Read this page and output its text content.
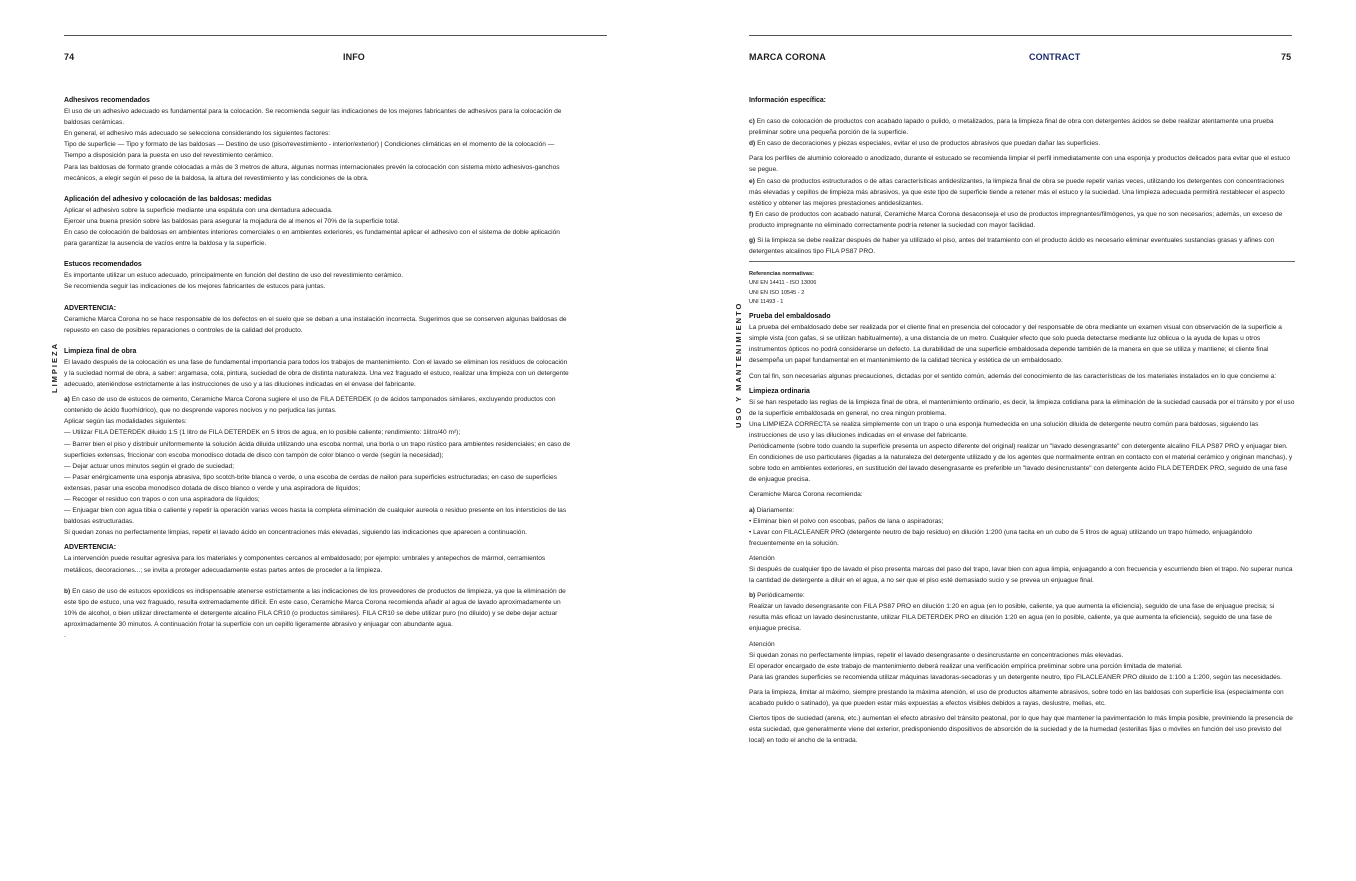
74	INFO
LIMPIEZA
Adhesivos recomendados

El uso de un adhesivo adecuado es fundamental para la colocación. Se recomienda seguir las indicaciones de los mejores fabricantes de adhesivos para la colocación de baldosas cerámicas.

En general, el adhesivo más adecuado se selecciona considerando los siguientes factores:

Tipo de superficie — Tipo y formato de las baldosas — Destino de uso (piso/revestimiento - interior/exterior) | Condiciones climáticas en el momento de la colocación — Tiempo a disposición para la puesta en uso del revestimiento cerámico.

Para las baldosas de formato grande colocadas a más de 3 metros de altura, algunas normas internacionales prevén la colocación con sistema mixto adhesivos-ganchos mecánicos, a elegir según el peso de la baldosa, la altura del revestimiento y las condiciones de la obra.

Aplicación del adhesivo y colocación de las baldosas: medidas

Aplicar el adhesivo sobre la superficie mediante una espátula con una dentadura adecuada.

Ejercer una buena presión sobre las baldosas para asegurar la mojadura de al menos el 70% de la superficie total.

En caso de colocación de baldosas en ambientes interiores comerciales o en ambientes exteriores, es fundamental aplicar el adhesivo con el sistema de doble aplicación para garantizar la ausencia de vacíos entre la baldosa y la superficie.

Estucos recomendados

Es importante utilizar un estuco adecuado, principalmente en función del destino de uso del revestimiento cerámico.

Se recomienda seguir las indicaciones de los mejores fabricantes de estucos para juntas.

ADVERTENCIA:

Ceramiche Marca Corona no se hace responsable de los defectos en el suelo que se deban a una instalación incorrecta. Sugerimos que se conserven algunas baldosas de repuesto en caso de posibles reparaciones o controles de la calidad del producto.

Limpieza final de obra

El lavado después de la colocación es una fase de fundamental importancia para todos los trabajos de mantenimiento. Con el lavado se eliminan los residuos de colocación y la suciedad normal de obra, a saber: argamasa, cola, pintura, suciedad de obra de distinta naturaleza. Una vez fraguado el estuco, realizar una limpieza con un detergente adecuado, ateniéndose estrictamente a las instrucciones de uso y a las diluciones indicadas en el envase del fabricante.

a) En caso de uso de estucos de cemento, Ceramiche Marca Corona sugiere el uso de FILA DETERDEK (o de ácidos tamponados similares, excluyendo productos con contenido de ácido fluorhídrico), que no desprende vapores nocivos y no perjudica las juntas.

Aplicar según las modalidades siguientes:

— Utilizar FILA DETERDEK diluido 1:5 (1 litro de FILA DETERDEK en 5 litros de agua, en lo posible caliente; rendimiento: 1litro/40 m²);

— Barrer bien el piso y distribuir uniformemente la solución ácida diluida utilizando una escoba normal, una borla o un trapo rústico para ambientes residenciales; en caso de superficies extensas, friccionar con escoba monodisco dotada de disco con tampón de color blanco o verde (según la necesidad);

— Dejar actuar unos minutos según el grado de suciedad;

— Pasar enérgicamente una esponja abrasiva, tipo scotch-brite blanca o verde, o una escoba de cerdas de nailon para superficies estructuradas; en caso de superficies extensas, pasar una escoba monodisco dotada de disco blanco o verde y una aspiradora de líquidos;

— Recoger el residuo con trapos o con una aspiradora de líquidos;

— Enjuagar bien con agua tibia o caliente y repetir la operación varias veces hasta la completa eliminación de cualquier aureola o residuo presente en los intersticios de las baldosas estructuradas.

Si quedan zonas no perfectamente limpias, repetir el lavado ácido en concentraciones más elevadas, siguiendo las indicaciones que aparecen a continuación.

ADVERTENCIA:

La intervención puede resultar agresiva para los materiales y componentes cercanos al embaldosado; por ejemplo: umbrales y antepechos de mármol, cerramientos metálicos, decoraciones...; se invita a proteger adecuadamente estas partes antes de proceder a la limpieza.

b) En caso de uso de estucos epoxídicos es indispensable atenerse estrictamente a las indicaciones de los proveedores de productos de limpieza, ya que la eliminación de este tipo de estuco, una vez fraguado, resulta extremadamente difícil. En este caso, Ceramiche Marca Corona recomienda añadir al agua de lavado aproximadamente un 10% de alcohol, o bien utilizar directamente el detergente alcalino FILA CR10 (o productos similares). FILA CR10 se debe utilizar puro (no diluido) y se debe dejar actuar aproximadamente 30 minutos. A continuación frotar la superficie con un cepillo ligeramente abrasivo y enjuagar con abundante agua.

.

MARCA CORONA	CONTRACT	75
USO Y MANTENIMIENTO
Información específica:

c) En caso de colocación de productos con acabado lapado o pulido, o metalizados, para la limpieza final de obra con detergentes ácidos se debe realizar atentamente una prueba preliminar sobre una pequeña porción de la superficie.

d) En caso de decoraciones y piezas especiales, evitar el uso de productos abrasivos que puedan dañar las superficies.

Para los perfiles de aluminio coloreado o anodizado, durante el estucado se recomienda limpiar el perfil inmediatamente con una esponja y productos delicados para evitar que el estuco se pegue.

e) En caso de productos estructurados o de altas características antideslizantes, la limpieza final de obra se puede repetir varias veces, utilizando los detergentes con concentraciones más elevadas y cepillos de limpieza más abrasivos, ya que este tipo de superficie tiende a retener más el estuco y la suciedad. Una limpieza adecuada permitirá restablecer el aspecto estético y obtener las mejores prestaciones antideslizantes.

f) En caso de productos con acabado natural, Ceramiche Marca Corona desaconseja el uso de productos impregnantes/filmógenos, ya que no son necesarios; además, un exceso de producto impregnante no eliminado correctamente podría retener la suciedad con mayor facilidad.

g) Si la limpieza se debe realizar después de haber ya utilizado el piso, antes del tratamiento con el producto ácido es necesario eliminar eventuales sustancias grasas y afines con detergentes alcalinos tipo FILA PS87 PRO.

Referencias normativas:

UNI EN 14411 - ISO 13006

UNI EN ISO 10545 - 2

UNI 11493 - 1

Prueba del embaldosado

La prueba del embaldosado debe ser realizada por el cliente final en presencia del colocador y del responsable de obra mediante un examen visual con observación de la superficie a simple vista (con gafas, si se utilizan habitualmente), a una distancia de un metro. Cualquier efecto que solo pueda detectarse mediante luz oblicua o la ayuda de lupas u otros instrumentos ópticos no podrá considerarse un defecto. La durabilidad de una superficie embaldosada depende también de la manera en que se utiliza y mantiene; el cliente final desempeña un papel fundamental en el mantenimiento de la calidad técnica y estética de un embaldosado.

Con tal fin, son necesarias algunas precauciones, dictadas por el sentido común, además del conocimiento de las características de los materiales instalados en lo que concierne a:

Limpieza ordinaria

Si se han respetado las reglas de la limpieza final de obra, el mantenimiento ordinario, es decir, la limpieza cotidiana para la eliminación de la suciedad causada por el tránsito y por el uso de la superficie embaldosada en general, no crea ningún problema.

Una LIMPIEZA CORRECTA se realiza simplemente con un trapo o una esponja humedecida en una solución diluida de detergente neutro común para baldosas, siguiendo las instrucciones de uso y las diluciones indicadas en el envase del fabricante.

Periódicamente (sobre todo cuando la superficie presenta un aspecto diferente del original) realizar un "lavado desengrasante" con detergente alcalino FILA PS87 PRO y enjuagar bien.

En condiciones de uso particulares (ligadas a la naturaleza del detergente utilizado y de los agentes que normalmente entran en contacto con el material cerámico y originan manchas), y sobre todo en ambientes exteriores, en sustitución del lavado desengrasante es preferible un "lavado desincrustante" con detergente ácido FILA DETERDEK PRO, seguido de una fase de enjuague precisa.

Ceramiche Marca Corona recomienda:

a) Diariamente:

• Eliminar bien el polvo con escobas, paños de lana o aspiradoras;

• Lavar con FILACLEANER PRO (detergente neutro de bajo residuo) en dilución 1:200 (una tacita en un cubo de 5 litros de agua) utilizando un trapo húmedo, enjuagándolo frecuentemente en la solución.

Atención

Si después de cualquier tipo de lavado el piso presenta marcas del paso del trapo, lavar bien con agua limpia, enjuagando a con frecuencia y escurriendo bien el trapo. No superar nunca la cantidad de detergente a diluir en el agua, a no ser que el piso esté demasiado sucio y se prevea un enjuague final.

b) Periódicamente:

Realizar un lavado desengrasante con FILA PS87 PRO en dilución 1:20 en agua (en lo posible, caliente, ya que aumenta la eficiencia), seguido de una fase de enjuague precisa; si resulta más eficaz un lavado desincrustante, utilizar FILA DETERDEK PRO en dilución 1:20 en agua (en lo posible, caliente, ya que aumenta la eficiencia), seguido de una fase de

enjuague precisa.

Atención

Si quedan zonas no perfectamente limpias, repetir el lavado desengrasante o desincrustante en concentraciones más elevadas.

El operador encargado de este trabajo de mantenimiento deberá realizar una verificación empírica preliminar sobre una porción limitada de material.

Para las grandes superficies se recomienda utilizar máquinas lavadoras-secadoras y un detergente neutro, tipo FILACLEANER PRO diluido de 1:100 a 1:200, según las necesidades.

Para la limpieza, limitar al máximo, siempre prestando la máxima atención, el uso de productos altamente abrasivos, sobre todo en las baldosas con superficie lisa (especialmente con acabado pulido o satinado), ya que pueden estar más expuestas a efectos visibles debidos a rayas, deslustre, mellas, etc.

Ciertos tipos de suciedad (arena, etc.) aumentan el efecto abrasivo del tránsito peatonal, por lo que hay que mantener la pavimentación lo más limpia posible, previniendo la presencia de esta suciedad, que generalmente viene del exterior, predisponiendo dispositivos de absorción de la suciedad y de la humedad (esterillas fijas o móviles en función del uso previsto del local) en todo el ancho de la entrada.
